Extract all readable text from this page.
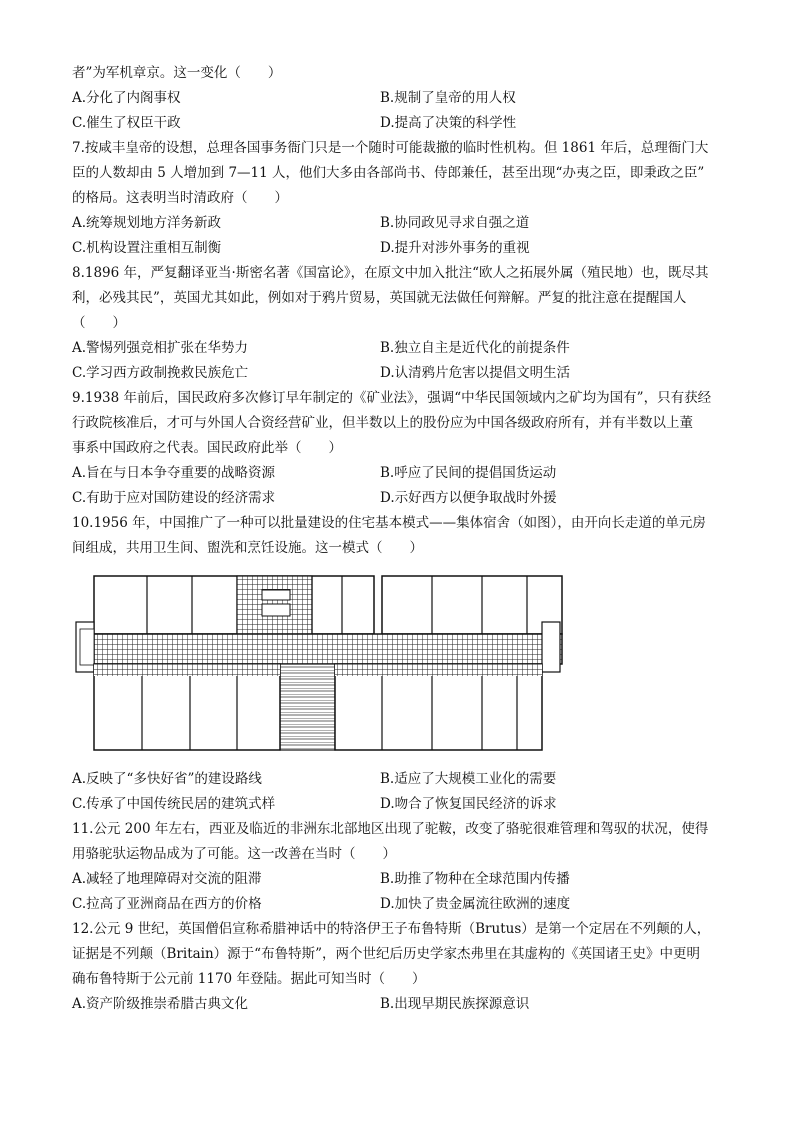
者”为军机章京。这一变化（　　）
A.分化了内阁事权	B.规制了皇帝的用人权
C.催生了权臣干政	D.提高了决策的科学性
7.按咸丰皇帝的设想，总理各国事务衙门只是一个随时可能裁撤的临时性机构。但 1861 年后，总理衙门大
臣的人数却由 5 人增加到 7—11 人，他们大多由各部尚书、侍郎兼任，甚至出现“办夷之臣，即秉政之臣”
的格局。这表明当时清政府（　　）
A.统筹规划地方洋务新政	B.协同政见寻求自强之道
C.机构设置注重相互制衡	D.提升对涉外事务的重视
8.1896 年，严复翻译亚当·斯密名著《国富论》，在原文中加入批注“欧人之拓展外属（殖民地）也，既尽其
利，必残其民”，英国尤其如此，例如对于鸦片贸易，英国就无法做任何辩解。严复的批注意在提醒国人
（　　）
A.警惕列强竞相扩张在华势力	B.独立自主是近代化的前提条件
C.学习西方政制挽救民族危亡	D.认清鸦片危害以提倡文明生活
9.1938 年前后，国民政府多次修订早年制定的《矿业法》，强调“中华民国领域内之矿均为国有”，只有获经
行政院核准后，才可与外国人合资经营矿业，但半数以上的股份应为中国各级政府所有，并有半数以上董
事系中国政府之代表。国民政府此举（　　）
A.旨在与日本争夺重要的战略资源	B.呼应了民间的提倡国货运动
C.有助于应对国防建设的经济需求	D.示好西方以便争取战时外援
10.1956 年，中国推广了一种可以批量建设的住宅基本模式——集体宿舍（如图），由开向长走道的单元房
间组成，共用卫生间、盥洗和烹饪设施。这一模式（　　）
A.反映了“多快好省”的建设路线	B.适应了大规模工业化的需要
C.传承了中国传统民居的建筑式样	D.吻合了恢复国民经济的诉求
11.公元 200 年左右，西亚及临近的非洲东北部地区出现了驼鞍，改变了骆驼很难管理和驾驭的状况，使得
用骆驼驮运物品成为了可能。这一改善在当时（　　）
A.减轻了地理障碍对交流的阻滞	B.助推了物种在全球范围内传播
C.拉高了亚洲商品在西方的价格	D.加快了贵金属流往欧洲的速度
12.公元 9 世纪，英国僧侣宣称希腊神话中的特洛伊王子布鲁特斯（Brutus）是第一个定居在不列颠的人，
证据是不列颠（Britain）源于“布鲁特斯”，两个世纪后历史学家杰弗里在其虚构的《英国诸王史》中更明
确布鲁特斯于公元前 1170 年登陆。据此可知当时（　　）
A.资产阶级推崇希腊古典文化	B.出现早期民族探源意识
